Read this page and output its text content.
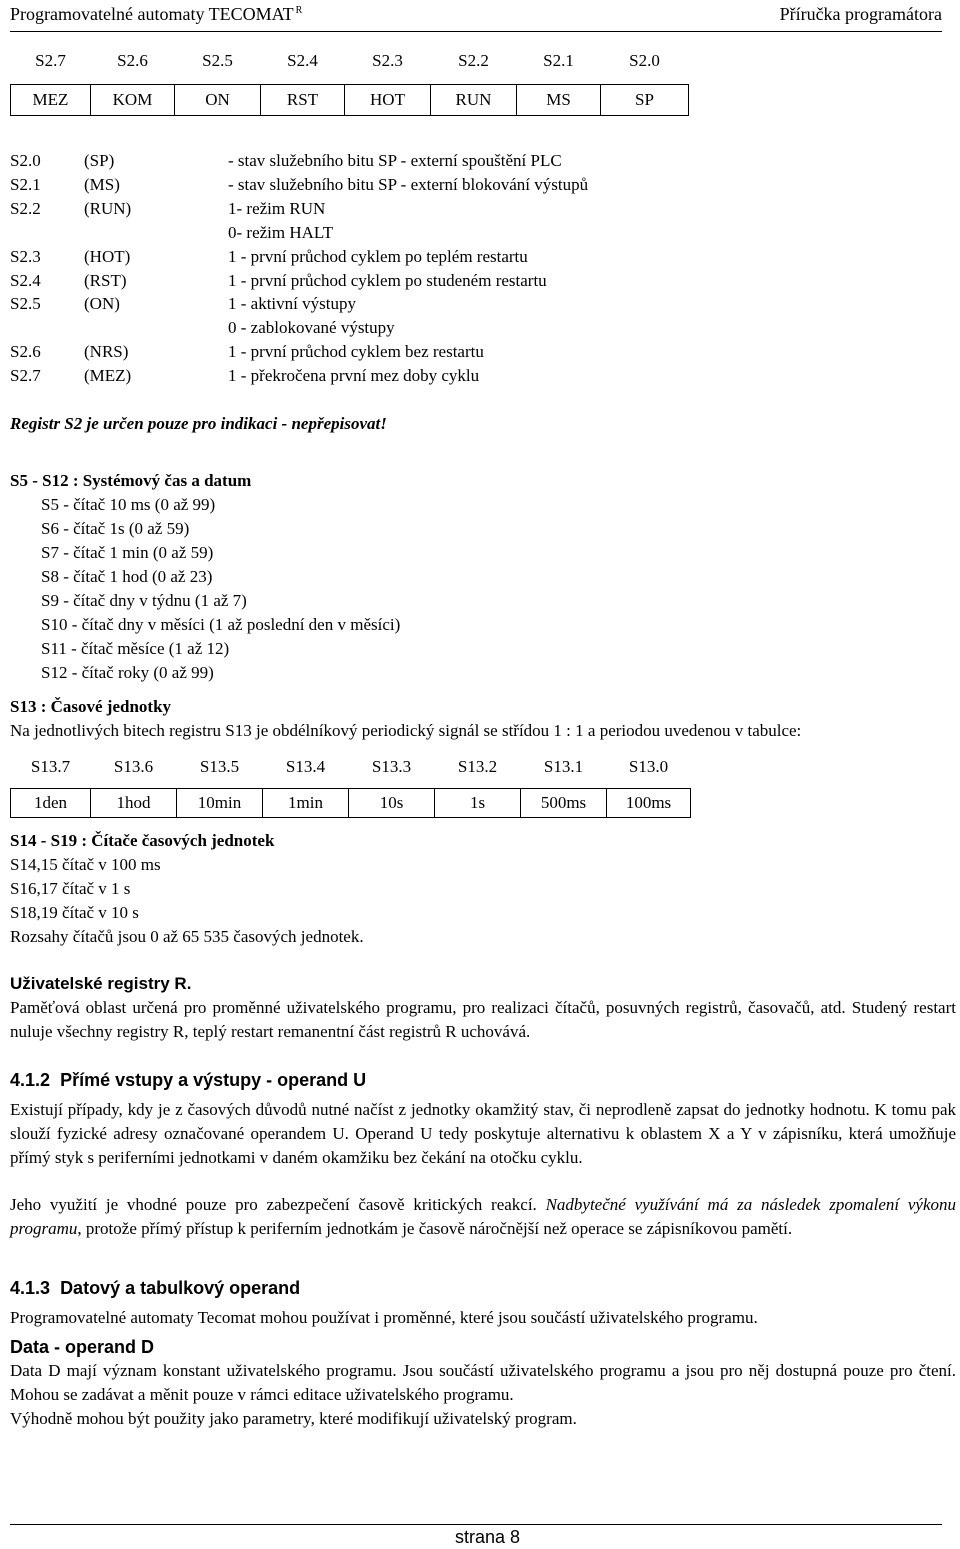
Programovatelné automaty TECOMAT $^R$	Příručka programátora
S2.7	S2.6	S2.5	S2.4	S2.3	S2.2	S2.1	S2.0

MEZ	KOM	ON	RST	HOT	RUN	MS	SP
S2.0	(SP)	- stav služebního bitu SP - externí spouštění PLC
S2.1	(MS)	- stav služebního bitu SP - externí blokování výstupů
S2.2	(RUN)	1- režim RUN
0- režim HALT
S2.3	(HOT)	1 - první průchod cyklem po teplém restartu
S2.4	(RST)	1 - první průchod cyklem po studeném restartu
S2.5	(ON)	1 - aktivní výstupy
0 - zablokované výstupy
S2.6	(NRS)	1 - první průchod cyklem bez restartu
S2.7	(MEZ)	1 - překročena první mez doby cyklu
Registr S2 je určen pouze pro indikaci - nepřepisovat!
S5 - S12 : Systémový čas a datum
S5 - čítač 10 ms (0 až 99)
S6 - čítač 1s (0 až 59)
S7 - čítač 1 min (0 až 59)
S8 - čítač 1 hod (0 až 23)
S9 - čítač dny v týdnu (1 až 7)
S10 - čítač dny v měsíci (1 až poslední den v měsíci)
S11 - čítač měsíce (1 až 12)
S12 - čítač roky (0 až 99)
S13 : Časové jednotky
Na jednotlivých bitech registru S13 je obdélníkový periodický signál se střídou 1 : 1 a periodou uvedenou v tabulce:
S13.7	S13.6	S13.5	S13.4	S13.3	S13.2	S13.1	S13.0

1den	1hod	10min	1min	10s	1s	500ms	100ms
S14 - S19 : Čítače časových jednotek
S14,15 čítač v 100 ms
S16,17 čítač v 1 s
S18,19 čítač v 10 s
Rozsahy čítačů jsou 0 až 65 535 časových jednotek.
Uživatelské registry R.
Paměťová oblast určená pro proměnné uživatelského programu, pro realizaci čítačů, posuvných registrů, časovačů, atd. Studený restart nuluje všechny registry R, teplý restart remanentní část registrů R uchovává.
4.1.2 Přímé vstupy a výstupy - operand U
Existují případy, kdy je z časových důvodů nutné načíst z jednotky okamžitý stav, či neprodleně zapsat do jednotky hodnotu. K tomu pak slouží fyzické adresy označované operandem U. Operand U tedy poskytuje alternativu k oblastem X a Y v zápisníku, která umožňuje přímý styk s periferními jednotkami v daném okamžiku bez čekání na otočku cyklu.
Jeho využití je vhodné pouze pro zabezpečení časově kritických reakcí. Nadbytečné využívání má za následek zpomalení výkonu programu, protože přímý přístup k periferním jednotkám je časově náročnější než operace se zápisníkovou pamětí.
4.1.3 Datový a tabulkový operand
Programovatelné automaty Tecomat mohou používat i proměnné, které jsou součástí uživatelského programu.
Data - operand D
Data D mají význam konstant uživatelského programu. Jsou součástí uživatelského programu a jsou pro něj dostupná pouze pro čtení. Mohou se zadávat a měnit pouze v rámci editace uživatelského programu.
Výhodně mohou být použity jako parametry, které modifikují uživatelský program.
strana 8
